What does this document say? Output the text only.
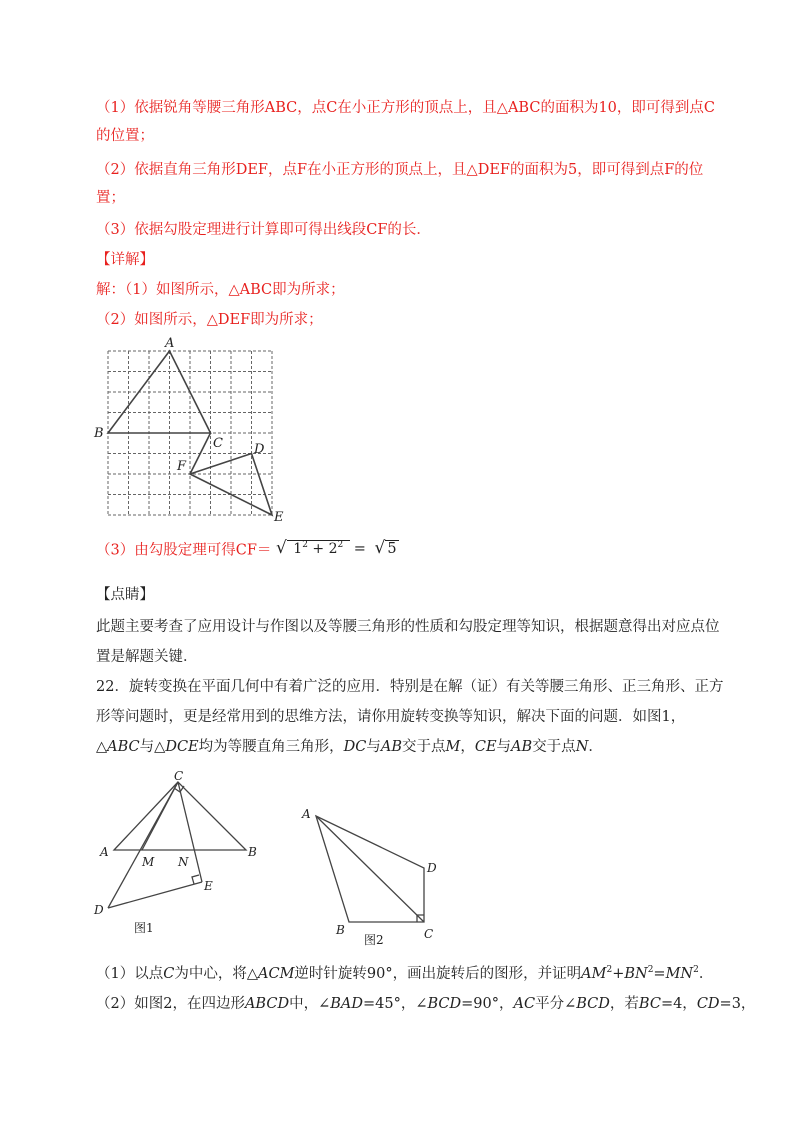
（1）依据锐角等腰三角形ABC，点C在小正方形的顶点上，且△ABC的面积为10，即可得到点C
的位置；
（2）依据直角三角形DEF，点F在小正方形的顶点上，且△DEF的面积为5，即可得到点F的位
置；
（3）依据勾股定理进行计算即可得出线段CF的长．
【详解】
解：（1）如图所示，△ABC即为所求；
（2）如图所示，△DEF即为所求；
A
B
C D
E
F
（3）由勾股定理可得CF＝ √ $1^2 + 2^2$ = √ 5
【点睛】
此题主要考查了应用设计与作图以及等腰三角形的性质和勾股定理等知识，根据题意得出对应点位
置是解题关键．
22．旋转变换在平面几何中有着广泛的应用．特别是在解（证）有关等腰三角形、正三角形、正方
形等问题时，更是经常用到的思维方法，请你用旋转变换等知识，解决下面的问题．如图1，
△ABC与△DCE均为等腰直角三角形，DC与AB交于点M，CE与AB交于点N．
C
A	B
M N
E
D
图1
A
B	C
D
图2
（1）以点C为中心，将△ACM逆时针旋转90°，画出旋转后的图形，并证明$AM^2+BN^2=MN^2$．
（2）如图2，在四边形ABCD中，∠BAD=45°，∠BCD=90°，AC平分∠BCD，若BC=4，CD=3，
